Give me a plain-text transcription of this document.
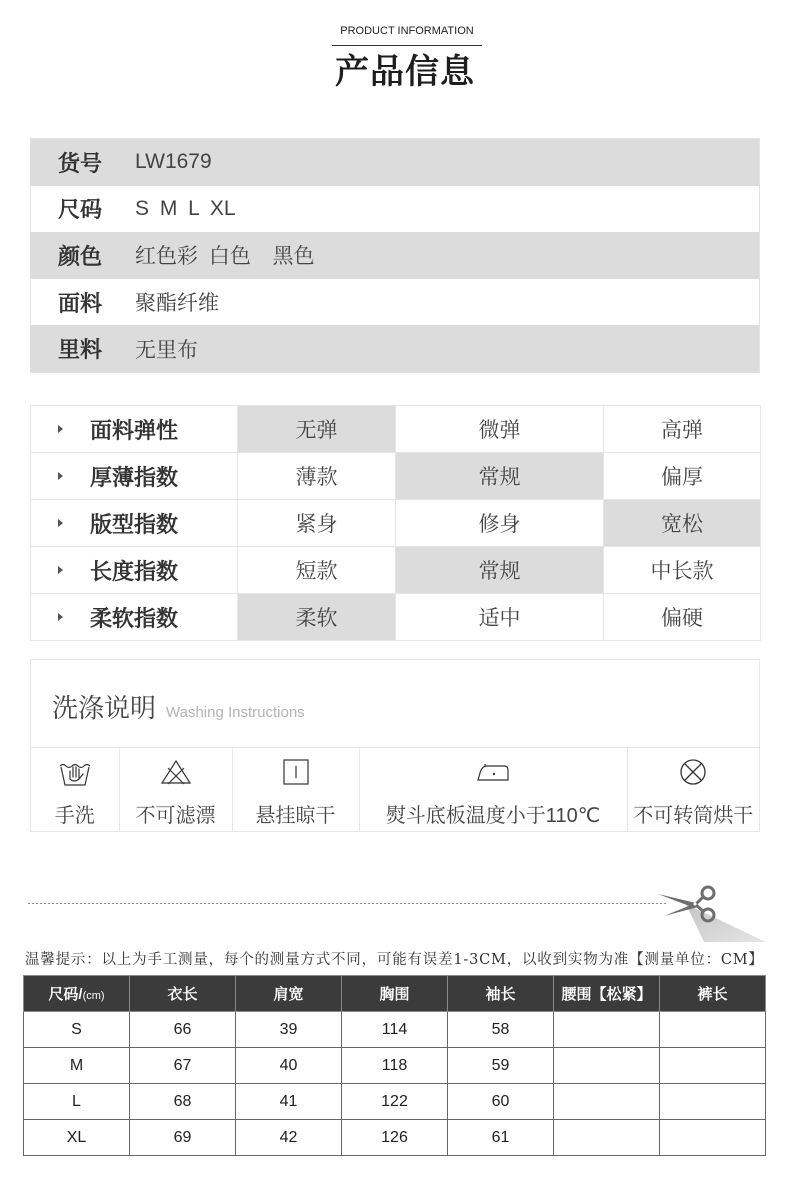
PRODUCT INFORMATION
产品信息
货号	LW1679
尺码	S M L XL
颜色	红色彩 白色  黑色
面料	聚酯纤维
里料	无里布
面料弹性	无弹	微弹	高弹

厚薄指数	薄款	常规	偏厚

版型指数	紧身	修身	宽松

长度指数	短款	常规	中长款

柔软指数	柔软	适中	偏硬
洗涤说明 Washing Instructions

手洗	不可滤漂	悬挂晾干	熨斗底板温度小于110℃	不可转筒烘干
温馨提示：以上为手工测量，每个的测量方式不同，可能有误差1-3CM，以收到实物为准【测量单位：CM】
尺码/(cm)	衣长	肩宽	胸围	袖长	腰围【松紧】	裤长
S	66	39	114	58		
M	67	40	118	59		
L	68	41	122	60		
XL	69	42	126	61		
